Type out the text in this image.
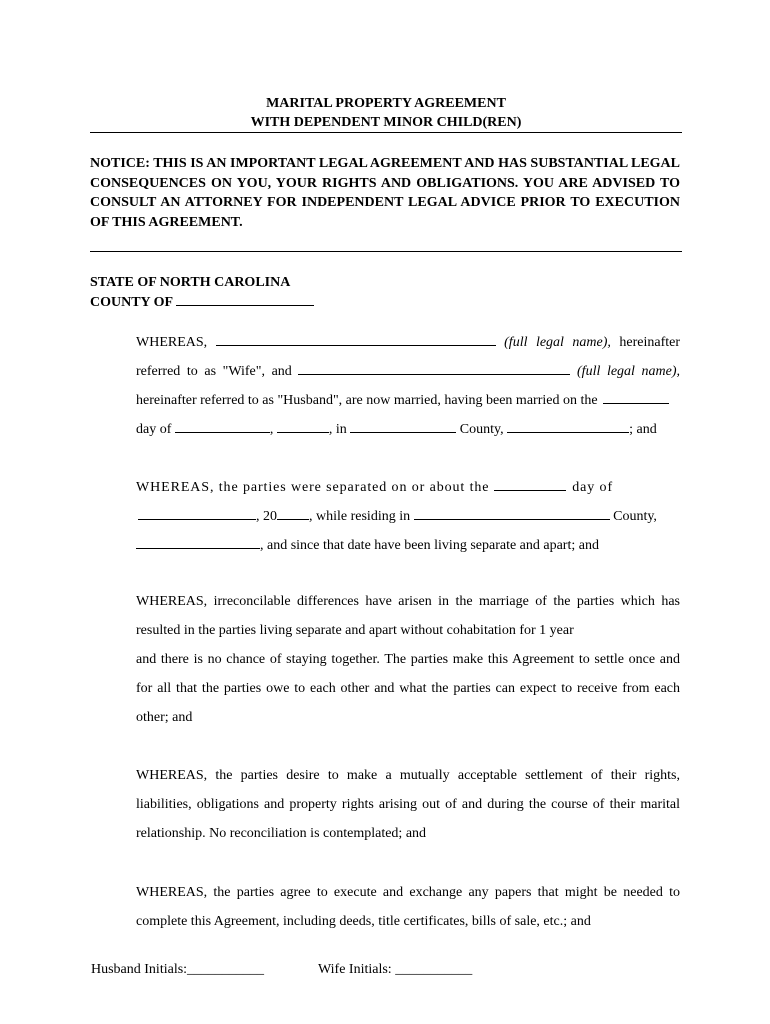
MARITAL PROPERTY AGREEMENT
WITH DEPENDENT MINOR CHILD(REN)

NOTICE: THIS IS AN IMPORTANT LEGAL AGREEMENT AND HAS SUBSTANTIAL LEGAL CONSEQUENCES ON YOU, YOUR RIGHTS AND OBLIGATIONS. YOU ARE ADVISED TO CONSULT AN ATTORNEY FOR INDEPENDENT LEGAL ADVICE PRIOR TO EXECUTION OF THIS AGREEMENT.

STATE OF NORTH CAROLINA
COUNTY OF
WHEREAS,	(full legal name), hereinafter
referred to as "Wife", and	(full legal name),
hereinafter referred to as "Husband", are now married, having been married on the
day of	,	, in	County,	; and
WHEREAS, the parties were separated on or about the	day of
, 20 , while residing in	County,
, and since that date have been living separate and apart; and
WHEREAS, irreconcilable differences have arisen in the marriage of the parties which has
resulted in the parties living separate and apart without cohabitation for 1 year
and there is no chance of staying together. The parties make this Agreement to settle once and
for all that the parties owe to each other and what the parties can expect to receive from each
other; and

WHEREAS, the parties desire to make a mutually acceptable settlement of their rights, liabilities, obligations and property rights arising out of and during the course of their marital relationship. No reconciliation is contemplated; and

WHEREAS, the parties agree to execute and exchange any papers that might be needed to complete this Agreement, including deeds, title certificates, bills of sale, etc.; and

Husband Initials:___________	Wife Initials: ___________
